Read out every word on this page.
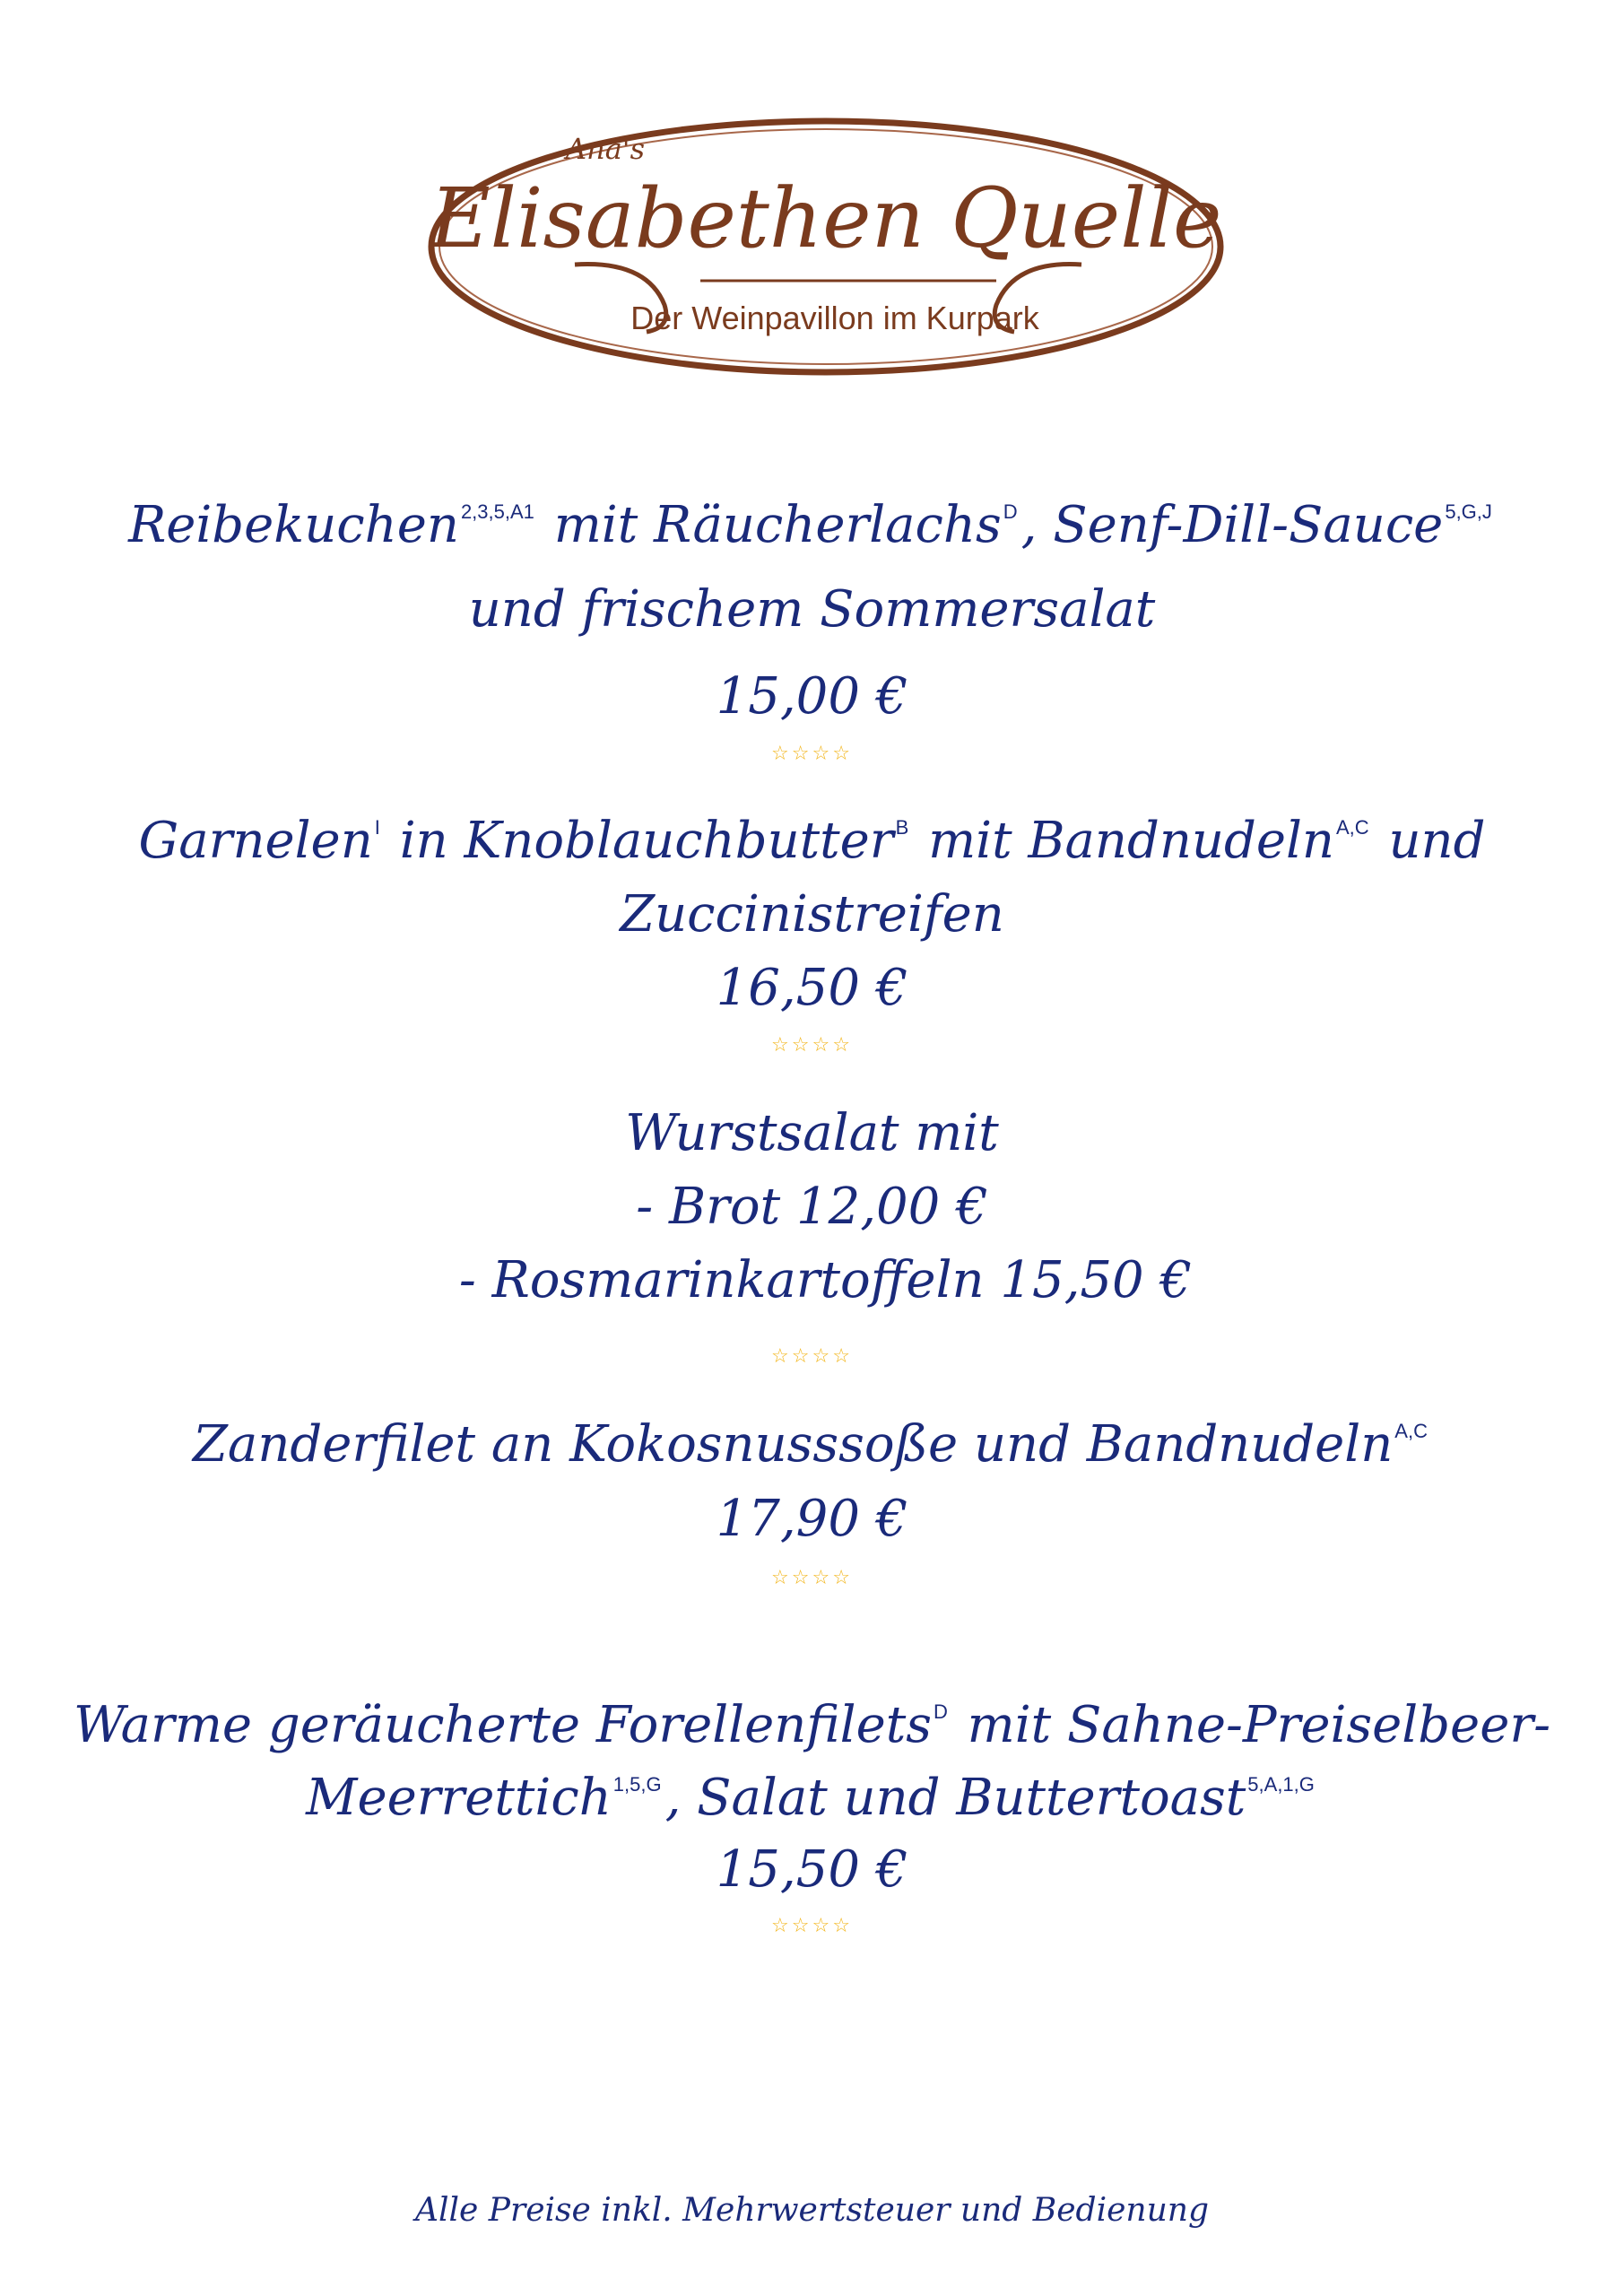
Ana's
Elisabethen Quelle
Der Weinpavillon im Kurpark
Reibekuchen$^{2,3,5,A1}$ mit Räucherlachs$^D$, Senf-Dill-Sauce$^{5,G,J}$
und frischem Sommersalat
15,00 €
☆☆☆☆
Garnelen$^I$ in Knoblauchbutter$^B$ mit Bandnudeln$^{A,C}$ und
Zuccinistreifen
16,50 €
☆☆☆☆
Wurstsalat mit
- Brot 12,00 €
- Rosmarinkartoffeln 15,50 €
☆☆☆☆
Zanderfilet an Kokosnusssoße und Bandnudeln$^{A,C}$
17,90 €
☆☆☆☆
Warme geräucherte Forellenfilets$^D$ mit Sahne-Preiselbeer-
Meerrettich$^{1,5,G}$, Salat und Buttertoast$^{5,A,1,G}$
15,50 €
☆☆☆☆
Alle Preise inkl. Mehrwertsteuer und Bedienung
